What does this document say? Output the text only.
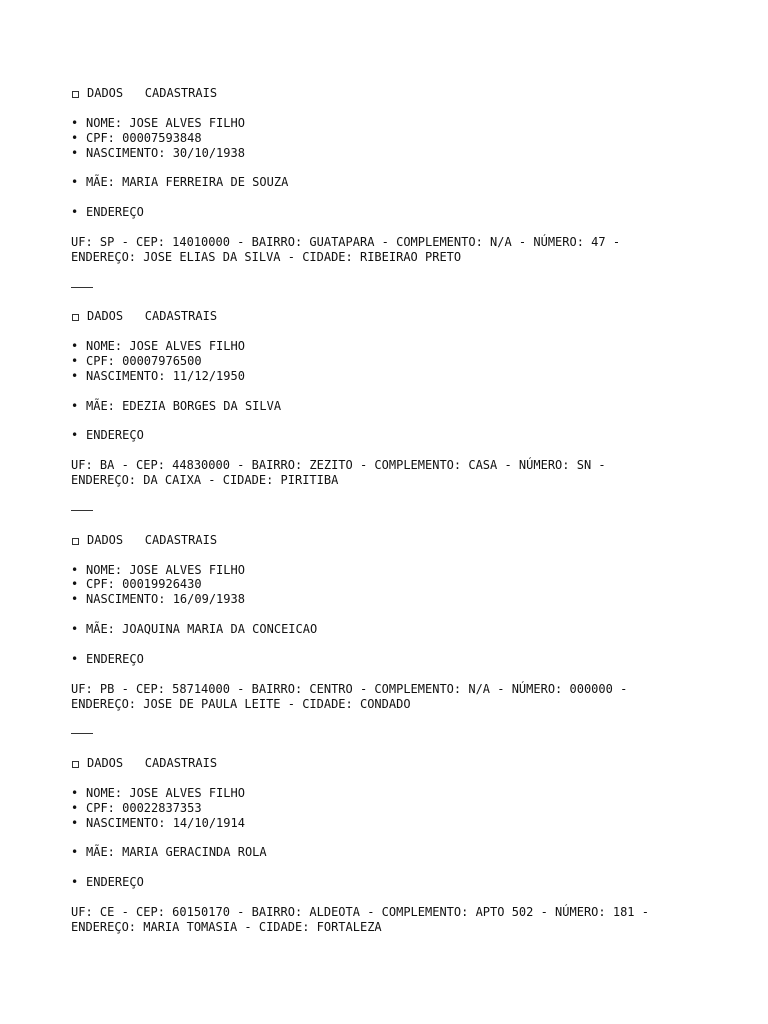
DADOS   CADASTRAIS
• NOME: JOSE ALVES FILHO
• CPF: 00007593848
• NASCIMENTO: 30/10/1938
• MÃE: MARIA FERREIRA DE SOUZA
• ENDEREÇO
UF: SP - CEP: 14010000 - BAIRRO: GUATAPARA - COMPLEMENTO: N/A - NÚMERO: 47 -
ENDEREÇO: JOSE ELIAS DA SILVA - CIDADE: RIBEIRAO PRETO
DADOS   CADASTRAIS
• NOME: JOSE ALVES FILHO
• CPF: 00007976500
• NASCIMENTO: 11/12/1950
• MÃE: EDEZIA BORGES DA SILVA
• ENDEREÇO
UF: BA - CEP: 44830000 - BAIRRO: ZEZITO - COMPLEMENTO: CASA - NÚMERO: SN -
ENDEREÇO: DA CAIXA - CIDADE: PIRITIBA
DADOS   CADASTRAIS
• NOME: JOSE ALVES FILHO
• CPF: 00019926430
• NASCIMENTO: 16/09/1938
• MÃE: JOAQUINA MARIA DA CONCEICAO
• ENDEREÇO
UF: PB - CEP: 58714000 - BAIRRO: CENTRO - COMPLEMENTO: N/A - NÚMERO: 000000 -
ENDEREÇO: JOSE DE PAULA LEITE - CIDADE: CONDADO
DADOS   CADASTRAIS
• NOME: JOSE ALVES FILHO
• CPF: 00022837353
• NASCIMENTO: 14/10/1914
• MÃE: MARIA GERACINDA ROLA
• ENDEREÇO
UF: CE - CEP: 60150170 - BAIRRO: ALDEOTA - COMPLEMENTO: APTO 502 - NÚMERO: 181 -
ENDEREÇO: MARIA TOMASIA - CIDADE: FORTALEZA
